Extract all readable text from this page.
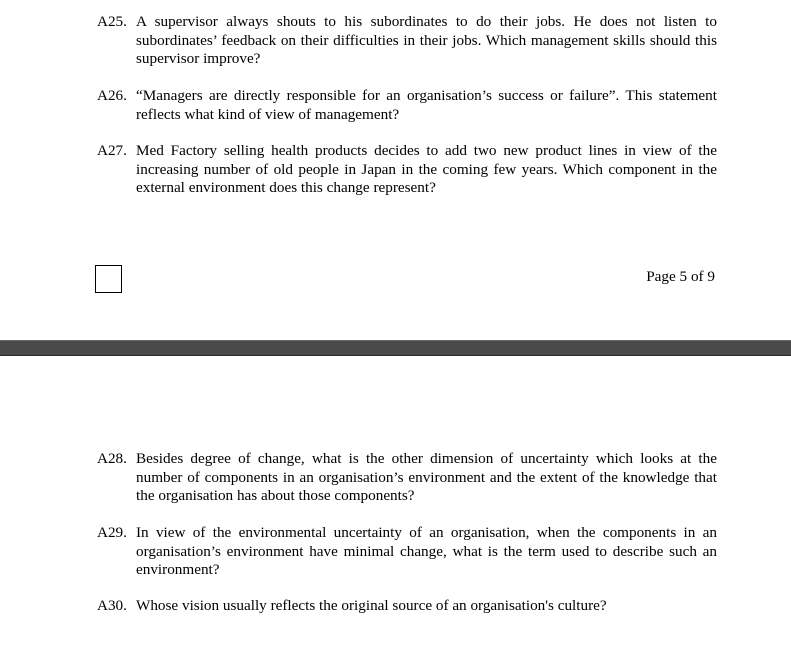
A25. A supervisor always shouts to his subordinates to do their jobs. He does not listen to subordinates’ feedback on their difficulties in their jobs. Which management skills should this supervisor improve?
A26. “Managers are directly responsible for an organisation’s success or failure”. This statement reflects what kind of view of management?
A27. Med Factory selling health products decides to add two new product lines in view of the increasing number of old people in Japan in the coming few years. Which component in the external environment does this change represent?
Page 5 of 9
A28. Besides degree of change, what is the other dimension of uncertainty which looks at the number of components in an organisation’s environment and the extent of the knowledge that the organisation has about those components?
A29. In view of the environmental uncertainty of an organisation, when the components in an organisation’s environment have minimal change, what is the term used to describe such an environment?
A30. Whose vision usually reflects the original source of an organisation's culture?
